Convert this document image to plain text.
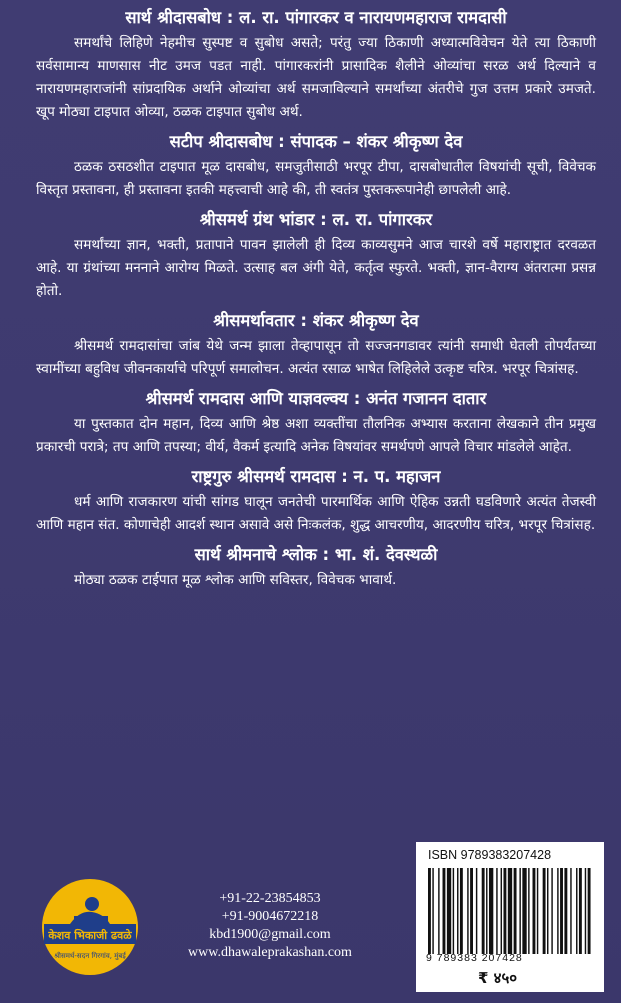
सार्थ श्रीदासबोध : ल. रा. पांगारकर व नारायणमहाराज रामदासी

समर्थांचे लिहिणे नेहमीच सुस्पष्ट व सुबोध असते; परंतु ज्या ठिकाणी अध्यात्मविवेचन येते त्या ठिकाणी सर्वसामान्य माणसास नीट उमज पडत नाही. पांगारकरांनी प्रासादिक शैलीने ओव्यांचा सरळ अर्थ दिल्याने व नारायणमहाराजांनी सांप्रदायिक अर्थाने ओव्यांचा अर्थ समजाविल्याने समर्थांच्या अंतरीचे गुज उत्तम प्रकारे उमजते. खूप मोठ्या टाइपात ओव्या, ठळक टाइपात सुबोध अर्थ.

सटीप श्रीदासबोध : संपादक – शंकर श्रीकृष्ण देव

ठळक ठसठशीत टाइपात मूळ दासबोध, समजुतीसाठी भरपूर टीपा, दासबोधातील विषयांची सूची, विवेचक विस्तृत प्रस्तावना, ही प्रस्तावना इतकी महत्त्वाची आहे की, ती स्वतंत्र पुस्तकरूपानेही छापलेली आहे.

श्रीसमर्थ ग्रंथ भांडार : ल. रा. पांगारकर

समर्थांच्या ज्ञान, भक्ती, प्रतापाने पावन झालेली ही दिव्य काव्यसुमने आज चारशे वर्षे महाराष्ट्रात दरवळत आहे. या ग्रंथांच्या मननाने आरोग्य मिळते. उत्साह बल अंगी येते, कर्तृत्व स्फुरते. भक्ती, ज्ञान-वैराग्य अंतरात्मा प्रसन्न होतो.

श्रीसमर्थावतार : शंकर श्रीकृष्ण देव

श्रीसमर्थ रामदासांचा जांब येथे जन्म झाला तेव्हापासून तो सज्जनगडावर त्यांनी समाधी घेतली तोपर्यंतच्या स्वामींच्या बहुविध जीवनकार्याचे परिपूर्ण समालोचन. अत्यंत रसाळ भाषेत लिहिलेले उत्कृष्ट चरित्र. भरपूर चित्रांसह.

श्रीसमर्थ रामदास आणि याज्ञवल्क्य : अनंत गजानन दातार

या पुस्तकात दोन महान, दिव्य आणि श्रेष्ठ अशा व्यक्तींचा तौलनिक अभ्यास करताना लेखकाने तीन प्रमुख प्रकारची परात्रे; तप आणि तपस्या; वीर्य, वैकर्म इत्यादि अनेक विषयांवर समर्थपणे आपले विचार मांडलेले आहेत.

राष्ट्रगुरु श्रीसमर्थ रामदास : न. प. महाजन

धर्म आणि राजकारण यांची सांगड घालून जनतेची पारमार्थिक आणि ऐहिक उन्नती घडविणारे अत्यंत तेजस्वी आणि महान संत. कोणाचेही आदर्श स्थान असावे असे निःकलंक, शुद्ध आचरणीय, आदरणीय चरित्र, भरपूर चित्रांसह.

सार्थ श्रीमनाचे श्लोक : भा. शं. देवस्थळी

मोठ्या ठळक टाईपात मूळ श्लोक आणि सविस्तर, विवेचक भावार्थ.

केशव भिकाजी ढवळे
श्रीसमर्थ-सदन गिरगांव, मुंबई
+91-22-23854853
+91-9004672218
kbd1900@gmail.com
www.dhawaleprakashan.com
ISBN 9789383207428
9 789383 207428
₹ ४५०
